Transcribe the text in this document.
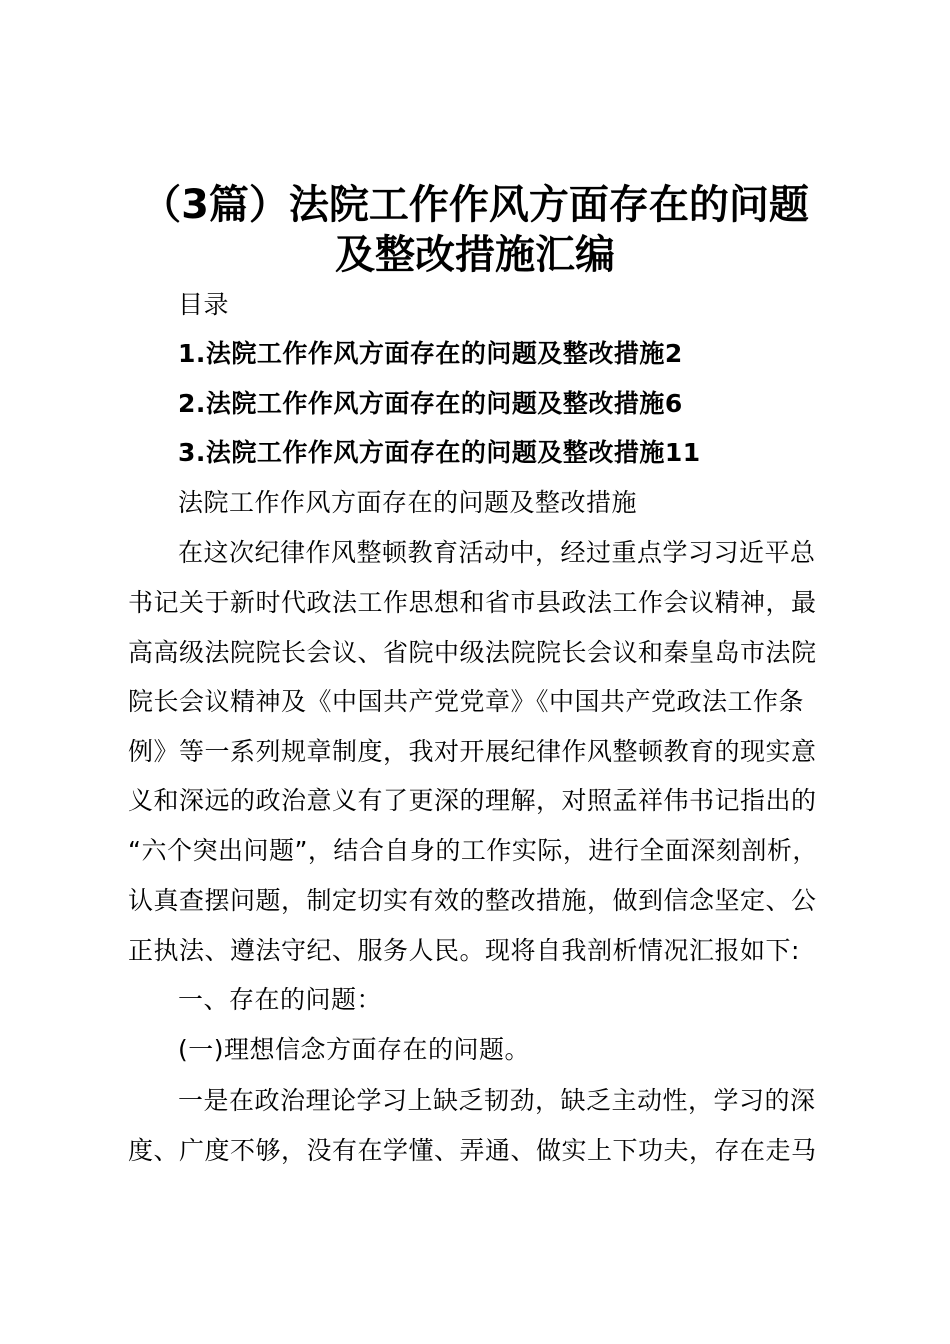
（3篇）法院工作作风方面存在的问题
及整改措施汇编
目录
1.法院工作作风方面存在的问题及整改措施2
2.法院工作作风方面存在的问题及整改措施6
3.法院工作作风方面存在的问题及整改措施11
法院工作作风方面存在的问题及整改措施
在这次纪律作风整顿教育活动中，经过重点学习习近平总
书记关于新时代政法工作思想和省市县政法工作会议精神，最
高高级法院院长会议、省院中级法院院长会议和秦皇岛市法院
院长会议精神及《中国共产党党章》《中国共产党政法工作条
例》等一系列规章制度，我对开展纪律作风整顿教育的现实意
义和深远的政治意义有了更深的理解，对照孟祥伟书记指出的
“六个突出问题”，结合自身的工作实际，进行全面深刻剖析，
认真查摆问题，制定切实有效的整改措施，做到信念坚定、公
正执法、遵法守纪、服务人民。现将自我剖析情况汇报如下:
一、存在的问题：
(一)理想信念方面存在的问题。
一是在政治理论学习上缺乏韧劲，缺乏主动性，学习的深
度、广度不够，没有在学懂、弄通、做实上下功夫，存在走马
